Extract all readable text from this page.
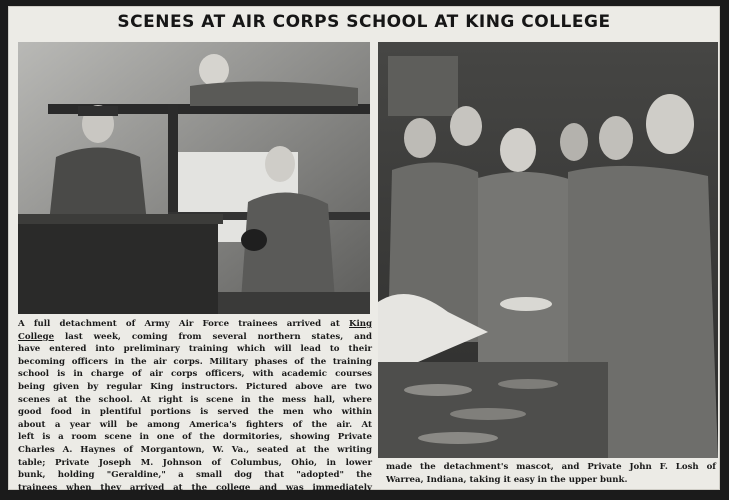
SCENES AT AIR CORPS SCHOOL AT KING COLLEGE
A full detachment of Army Air Force trainees arrived at King
College last week, coming from several northern states, and
have entered into preliminary training which will lead to their
becoming officers in the air corps. Military phases of the training
school is in charge of air corps officers, with academic courses
being given by regular King instructors. Pictured above are two
scenes at the school. At right is scene in the mess hall, where
good food in plentiful portions is served the men who within
about a year will be among America's fighters of the air. At
left is a room scene in one of the dormitories, showing Private
Charles A. Haynes of Morgantown, W. Va., seated at the writing
table; Private Joseph M. Johnson of Columbus, Ohio, in lower
bunk, holding "Geraldine," a small dog that "adopted" the
trainees when they arrived at the college and was immediately
made the detachment's mascot, and Private John F. Losh of
Warrea, Indiana, taking it easy in the upper bunk.
